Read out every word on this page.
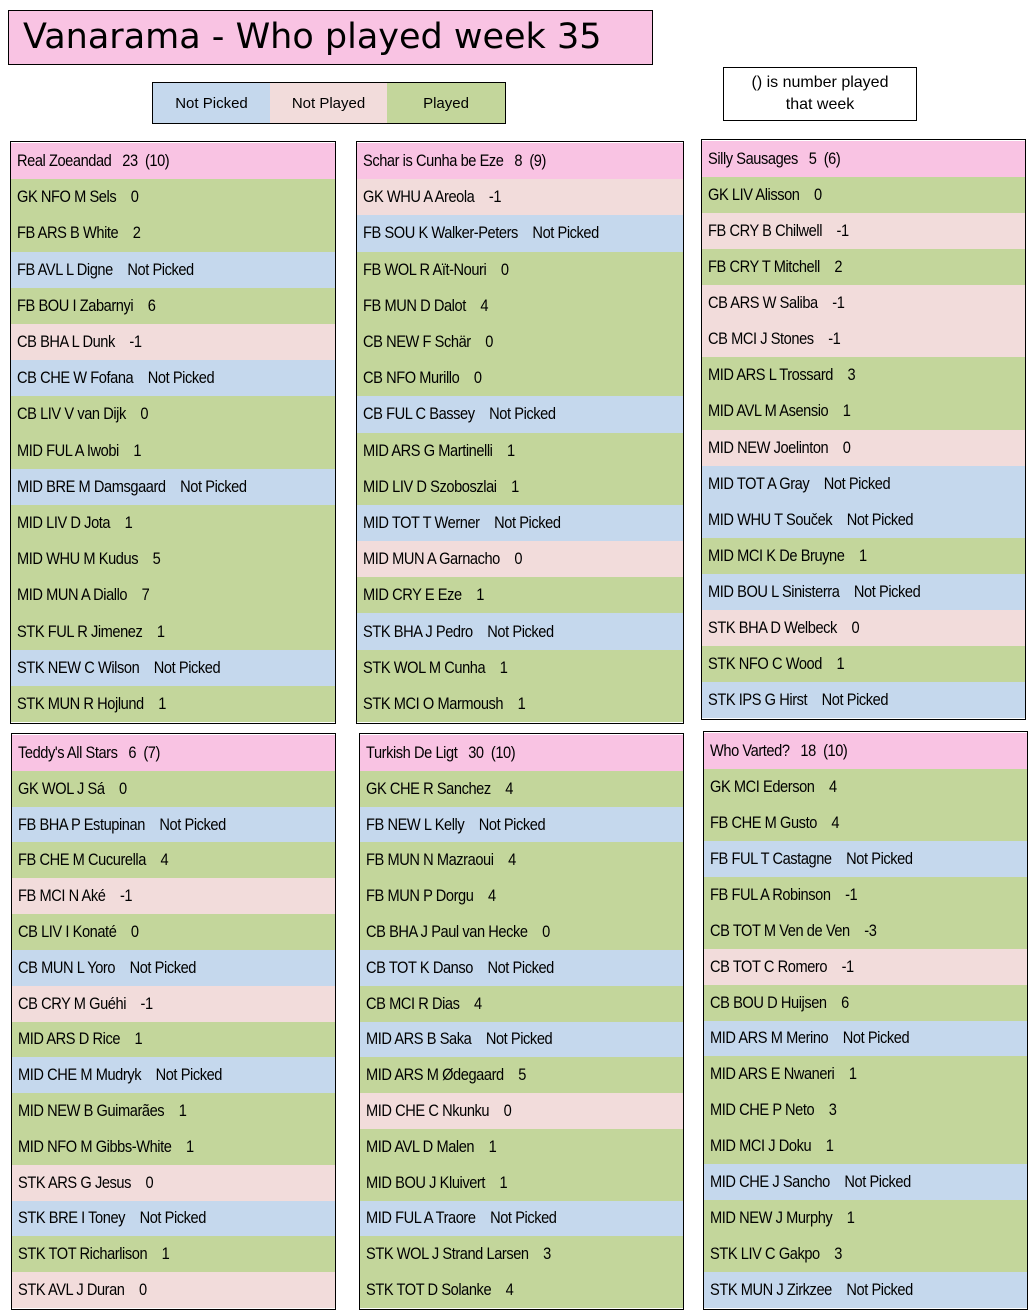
Vanarama - Who played week 35
Not Picked	Not Played	Played
() is number played
that week
Real Zoeandad   23  (10)
GK NFO M Sels    0
FB ARS B White    2
FB AVL L Digne    Not Picked
FB BOU I Zabarnyi    6
CB BHA L Dunk    -1
CB CHE W Fofana    Not Picked
CB LIV V van Dijk    0
MID FUL A Iwobi    1
MID BRE M Damsgaard    Not Picked
MID LIV D Jota    1
MID WHU M Kudus    5
MID MUN A Diallo    7
STK FUL R Jimenez    1
STK NEW C Wilson    Not Picked
STK MUN R Hojlund    1
Schar is Cunha be Eze   8  (9)
GK WHU A Areola    -1
FB SOU K Walker-Peters    Not Picked
FB WOL R Aït-Nouri    0
FB MUN D Dalot    4
CB NEW F Schär    0
CB NFO Murillo    0
CB FUL C Bassey    Not Picked
MID ARS G Martinelli    1
MID LIV D Szoboszlai    1
MID TOT T Werner    Not Picked
MID MUN A Garnacho    0
MID CRY E Eze    1
STK BHA J Pedro    Not Picked
STK WOL M Cunha    1
STK MCI O Marmoush    1
Silly Sausages   5  (6)
GK LIV Alisson    0
FB CRY B Chilwell    -1
FB CRY T Mitchell    2
CB ARS W Saliba    -1
CB MCI J Stones    -1
MID ARS L Trossard    3
MID AVL M Asensio    1
MID NEW Joelinton    0
MID TOT A Gray    Not Picked
MID WHU T Souček    Not Picked
MID MCI K De Bruyne    1
MID BOU L Sinisterra    Not Picked
STK BHA D Welbeck    0
STK NFO C Wood    1
STK IPS G Hirst    Not Picked
Teddy's All Stars   6  (7)
GK WOL J Sá    0
FB BHA P Estupinan    Not Picked
FB CHE M Cucurella    4
FB MCI N Aké    -1
CB LIV I Konaté    0
CB MUN L Yoro    Not Picked
CB CRY M Guéhi    -1
MID ARS D Rice    1
MID CHE M Mudryk    Not Picked
MID NEW B Guimarães    1
MID NFO M Gibbs-White    1
STK ARS G Jesus    0
STK BRE I Toney    Not Picked
STK TOT Richarlison    1
STK AVL J Duran    0
Turkish De Ligt   30  (10)
GK CHE R Sanchez    4
FB NEW L Kelly    Not Picked
FB MUN N Mazraoui    4
FB MUN P Dorgu    4
CB BHA J Paul van Hecke    0
CB TOT K Danso    Not Picked
CB MCI R Dias    4
MID ARS B Saka    Not Picked
MID ARS M Ødegaard    5
MID CHE C Nkunku    0
MID AVL D Malen    1
MID BOU J Kluivert    1
MID FUL A Traore    Not Picked
STK WOL J Strand Larsen    3
STK TOT D Solanke    4
Who Varted?   18  (10)
GK MCI Ederson    4
FB CHE M Gusto    4
FB FUL T Castagne    Not Picked
FB FUL A Robinson    -1
CB TOT M Ven de Ven    -3
CB TOT C Romero    -1
CB BOU D Huijsen    6
MID ARS M Merino    Not Picked
MID ARS E Nwaneri    1
MID CHE P Neto    3
MID MCI J Doku    1
MID CHE J Sancho    Not Picked
MID NEW J Murphy    1
STK LIV C Gakpo    3
STK MUN J Zirkzee    Not Picked
